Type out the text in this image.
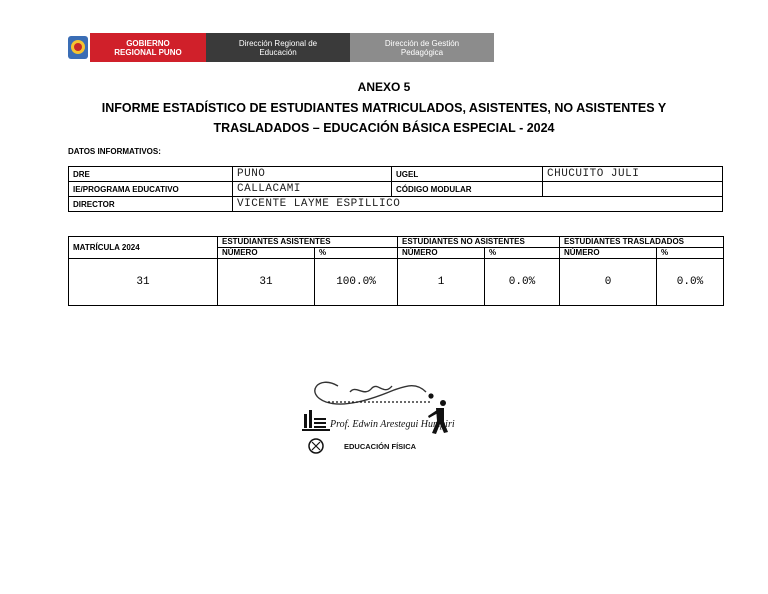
GOBIERNO
REGIONAL PUNO
Dirección Regional de
Educación
Dirección de Gestión
Pedagógica
ANEXO 5
INFORME ESTADÍSTICO DE ESTUDIANTES MATRICULADOS, ASISTENTES, NO ASISTENTES Y
TRASLADADOS – EDUCACIÓN BÁSICA ESPECIAL - 2024
DATOS INFORMATIVOS:
DRE	PUNO	UGEL	CHUCUITO JULI
IE/PROGRAMA EDUCATIVO	CALLACAMI	CÓDIGO MODULAR	
DIRECTOR	VICENTE LAYME ESPILLICO		
MATRÍCULA 2024	ESTUDIANTES ASISTENTES		ESTUDIANTES NO ASISTENTES		ESTUDIANTES TRASLADADOS	
	NÚMERO	%	NÚMERO	%	NÚMERO	%
31	31	100.0%	1	0.0%	0	0.0%
Prof. Edwin Arestegui Humpiri
EDUCACIÓN FÍSICA
